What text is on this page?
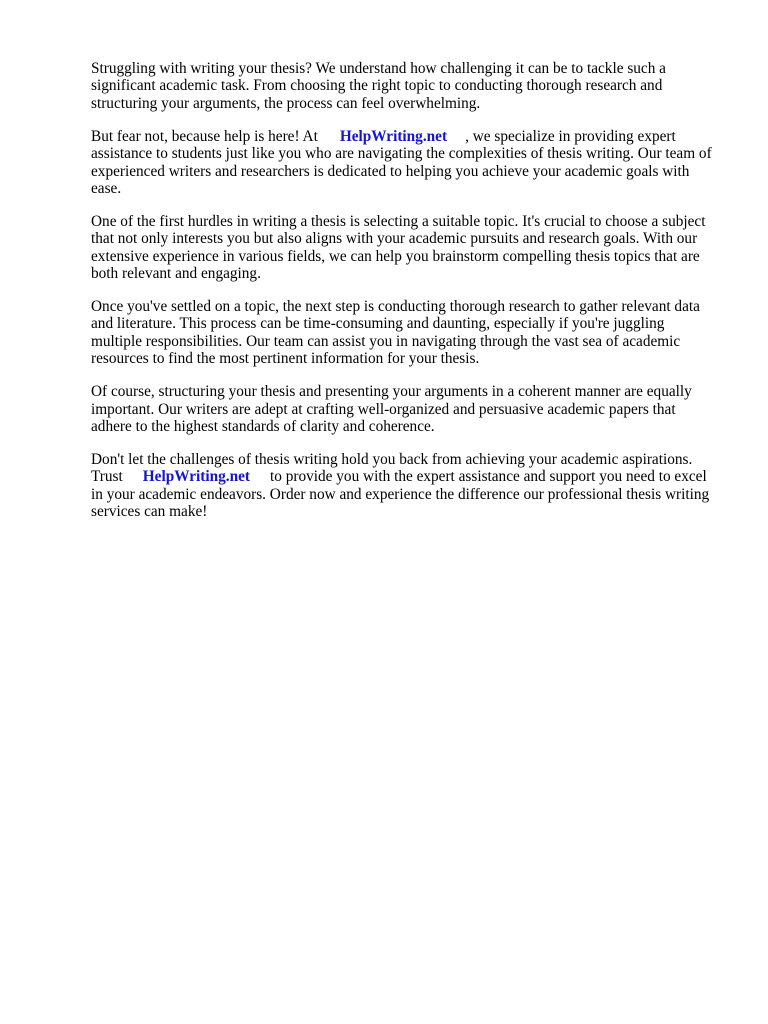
Struggling with writing your thesis? We understand how challenging it can be to tackle such a significant academic task. From choosing the right topic to conducting thorough research and structuring your arguments, the process can feel overwhelming.

But fear not, because help is here! At HelpWriting.net , we specialize in providing expert assistance to students just like you who are navigating the complexities of thesis writing. Our team of experienced writers and researchers is dedicated to helping you achieve your academic goals with ease.

One of the first hurdles in writing a thesis is selecting a suitable topic. It's crucial to choose a subject that not only interests you but also aligns with your academic pursuits and research goals. With our extensive experience in various fields, we can help you brainstorm compelling thesis topics that are both relevant and engaging.

Once you've settled on a topic, the next step is conducting thorough research to gather relevant data and literature. This process can be time-consuming and daunting, especially if you're juggling multiple responsibilities. Our team can assist you in navigating through the vast sea of academic resources to find the most pertinent information for your thesis.

Of course, structuring your thesis and presenting your arguments in a coherent manner are equally important. Our writers are adept at crafting well-organized and persuasive academic papers that adhere to the highest standards of clarity and coherence.

Don't let the challenges of thesis writing hold you back from achieving your academic aspirations. Trust HelpWriting.net to provide you with the expert assistance and support you need to excel in your academic endeavors. Order now and experience the difference our professional thesis writing services can make!
